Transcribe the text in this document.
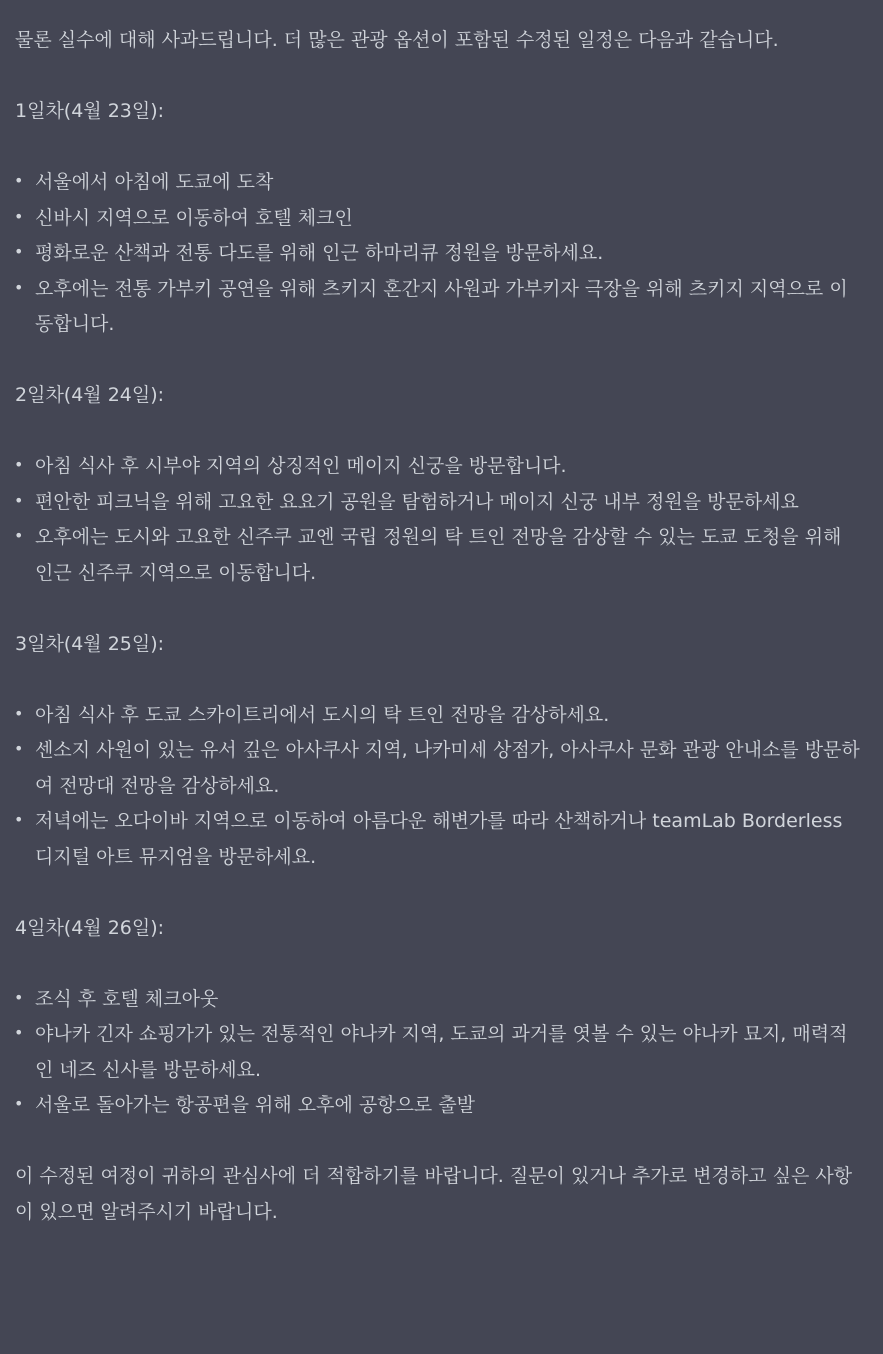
물론 실수에 대해 사과드립니다. 더 많은 관광 옵션이 포함된 수정된 일정은 다음과 같습니다.

1일차(4월 23일):

• 서울에서 아침에 도쿄에 도착
• 신바시 지역으로 이동하여 호텔 체크인
• 평화로운 산책과 전통 다도를 위해 인근 하마리큐 정원을 방문하세요.
• 오후에는 전통 가부키 공연을 위해 츠키지 혼간지 사원과 가부키자 극장을 위해 츠키지 지역으로 이동합니다.

2일차(4월 24일):

• 아침 식사 후 시부야 지역의 상징적인 메이지 신궁을 방문합니다.
• 편안한 피크닉을 위해 고요한 요요기 공원을 탐험하거나 메이지 신궁 내부 정원을 방문하세요
• 오후에는 도시와 고요한 신주쿠 교엔 국립 정원의 탁 트인 전망을 감상할 수 있는 도쿄 도청을 위해 인근 신주쿠 지역으로 이동합니다.

3일차(4월 25일):

• 아침 식사 후 도쿄 스카이트리에서 도시의 탁 트인 전망을 감상하세요.
• 센소지 사원이 있는 유서 깊은 아사쿠사 지역, 나카미세 상점가, 아사쿠사 문화 관광 안내소를 방문하여 전망대 전망을 감상하세요.
• 저녁에는 오다이바 지역으로 이동하여 아름다운 해변가를 따라 산책하거나 teamLab Borderless 디지털 아트 뮤지엄을 방문하세요.

4일차(4월 26일):

• 조식 후 호텔 체크아웃
• 야나카 긴자 쇼핑가가 있는 전통적인 야나카 지역, 도쿄의 과거를 엿볼 수 있는 야나카 묘지, 매력적인 네즈 신사를 방문하세요.
• 서울로 돌아가는 항공편을 위해 오후에 공항으로 출발

이 수정된 여정이 귀하의 관심사에 더 적합하기를 바랍니다. 질문이 있거나 추가로 변경하고 싶은 사항이 있으면 알려주시기 바랍니다.
